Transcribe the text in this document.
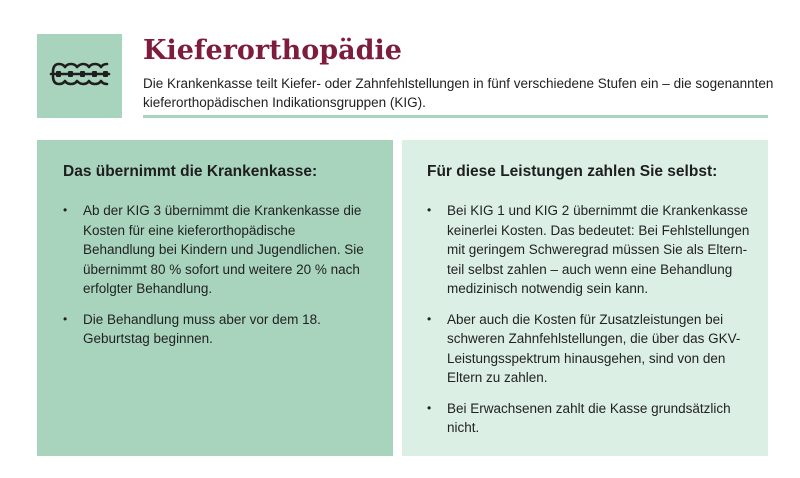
Kieferorthopädie

Die Krankenkasse teilt Kiefer- oder Zahnfehlstellungen in fünf verschiedene Stufen ein – die sogenannten kieferorthopädischen Indikationsgruppen (KIG).

Das übernimmt die Krankenkasse:
• Ab der KIG 3 übernimmt die Krankenkasse die Kosten für eine kieferorthopädische Behandlung bei Kindern und Jugendlichen. Sie übernimmt 80 % sofort und weitere 20 % nach erfolgter Behandlung.
• Die Behandlung muss aber vor dem 18. Geburtstag beginnen.
Für diese Leistungen zahlen Sie selbst:
• Bei KIG 1 und KIG 2 übernimmt die Krankenkasse keinerlei Kosten. Das bedeutet: Bei Fehlstellungen mit geringem Schweregrad müssen Sie als Elternteil selbst zahlen – auch wenn eine Behandlung medizinisch notwendig sein kann.
• Aber auch die Kosten für Zusatzleistungen bei schweren Zahnfehlstellungen, die über das GKV-Leistungsspektrum hinausgehen, sind von den Eltern zu zahlen.
• Bei Erwachsenen zahlt die Kasse grundsätzlich nicht.
